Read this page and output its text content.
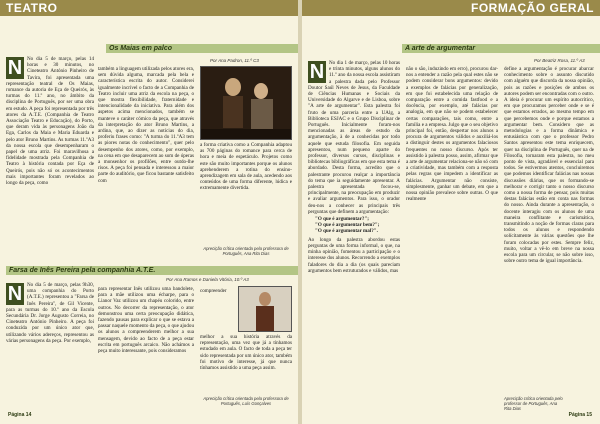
TEATRO
Os Maias em palco
Por Ana Padron, 11.º C3
N No dia 5 de março, pelas 14 horas e 30 minutos, no Cineteatro António Pinheiro de Tavira, foi apresentada uma representação teatral de Os Maias, romance da autoria de Eça de Queirós, às turmas do 11.º ano, no âmbito da disciplina de Português, por ser uma obra em estudo. A peça foi representada por três atores da A.T.E. (Companhia de Teatro Associação Teatro e Educação), do Porto, que deram vida às personagens João da Ega, Carlos da Maia e Maria Eduarda e pelo ator Bruno Martins. As turmas 11.ºA3 da nossa escola que desempenharam o papel de uma atriz. Foi maravilhosa a fidelidade mostrada pela Companhia de Teatro à história contada por Eça de Queirós, pois não só os acontecimentos mais importantes foram revelados ao longo da peça, como

também a linguagem utilizada pelos atores era, sem dúvida alguma, marcada pela bela e característica escrita do autor. Considerei igualmente incrível o facto de a Companhia de Teatro incluir uma atriz da escola na peça, o que mostra flexibilidade, fraternidade e intencionalidade da iniciativa. Para além dos aspetos acima mencionados, também se manteve o caráter cómico da peça, que através da interpretação do ator Bruno Martins, a ardina, que, ao dizer as notícias do dia, proferiu frases como: "A turma do 11.ºA3 tem as piores notas do conhecimento", quer pelo desempenho dos atores, como, por exemplo, na cena em que desaparecem ao som de óperas a monsenhor os profilões, entre outdo-lhe risos. A peça foi pensada e interessou a maior parte do auditório, que ficou bastante satisfeito com
a forma criativa como a Companhia adaptou as 700 páginas do romance para cerca de hora e meia de espetáculo. Projetos como este são muito importantes porque os alunos aprehenderem a rotina do ensino-aprendizagem em sala de aula, acedendo aos conteúdos de uma forma diferente, lúdica e extremamente divertida.
Aprecição crítica orientada pela professora de Português, Ana Rita Dias
Farsa de Inês Pereira pela companhia A.T.E.
Por Ana Ramos e Daniela Vitória, 10.º A3
N No dia 5 de março, pelas 9h30, uma companhia do Porto (A.T.E.) representou a "Farsa de Inês Pereira", de Gil Vicente, para as turmas do 10.º ano da Escola Secundária Dr. Jorge Augusto Correia, no Cineteatro António Pinheiro. A peça foi conduzida por um único ator que, utilizando vários adereços, representou as várias personagens da peça. Por exemplo,

para representar Inês utilizou uma bandolete, para a mãe utilizou uma écharpe, para o Lianor Vaz utilizou um chapéu colorido, entre outros. No decorrer da representação, o ator demonstrou uma certa preocupação didática, fazendo pausas para explicar o que se estava a passar naquele momento da peça, o que ajudou os alunos a compreenderem melhor a sua mensagem, devido ao facto de a peça estar escrita em português arcaico. Não achámos a peça muito interessante, pois consideramos
compreender
melhor a sua história através da representação, uma vez que já a tínhamos estudado em aula. O facto de toda a peça ter sido representada por um único ator, também foi motivo de interesse, já que nunca tínhamos assistido a uma peça assim.
Aprecição crítica orientada pela professora de Português, Luís Gonçalves
Página 14
FORMAÇÃO GERAL
A arte de argumentar
Por Beatriz Rosa, 11.º A3
N No dia 1 de março, pelas 10 horas e trinta minutos, alguns alunos do 11.º ano da nossa escola assistiram a palestra dada pelo Professor Doutor Saúl Neves de Jesus, da Faculdade de Ciências Humanas e Sociais da Universidade do Algarve e de Lisboa, sobre "A arte de argumentar". Esta palestra foi fruto de uma parceria entre a UAlg, a Biblioteca ESJAC e o Grupo Disciplinar de Português. Inicialmente foram-nos mencionadas as áreas de estudo da argumentação, à de a conhecidas por todo aquele que estuda filosofia. Em seguida apresentou, num pequeno aparte do professor, diversos cursos, disciplinas e bibliotecas bibliográficas em que esta tema é abordado. Desta forma, acredito que o palestrante procurou realçar a importância do tema que ia seguidamente apresentar. A palestra apresentada focou-se, principalmente, na preocupação em produzir e avaliar argumentos. Para isso, o orador deu-nos a conhecer as principais três perguntas que definem a argumentação:

• "O que é argumentar?";
• "O que é argumentar bem?";
• "O que é argumentar mal?".

Ao longo da palestra abordou estas perguntas de uma forma informal, o que, na minha opinião, fomentou a participação e o interesse dos alunos. Recorrendo a exemplos faladores do dia a dia (os quais pareciam argumentos bem estruturados e válidos, mas

não o são, induzindo em erro), procurou dar-nos a entender a razão pela qual estes não se podem considerar bons argumentos: devido a exemplos de falácias por generalização, em que foi estabelecida uma relação de comparação entre a comida fastfood e a docência, por exemplo, até falácias por analogia, em que não se podem estabelecer certas comparações, tais como, entre a família e a empresa. Julgo que o seu objetivo principal foi, então, despertar nos alunos a procura de argumentos válidos e auxiliá-los a distinguir destes os argumentos falaciosos frequentes no nosso discurso. Após ter assistido à palestra posso, assim, afirmar que a arte de argumentar relaciona-se não só com a criatividade, mas também com a resposta pelas regras que impedem a identificar as falácias. Argumentar não consiste, simplesmente, ganhar um debate, em que a nossa opinião prevalece sobre outras. O que realmente
define a argumentação é procurar abarcar conhecimento sobre o assunto discutido com alguém que discorda da nossa opinião, pois as razões e posições de ambos os autores podem ser encontradas com o outro. A ideia é procurar um espírito autocrítico, em que procuramos perceber onde e se é que estamos errados, ao mesmo tempo em que percebemos onde e porque estamos a argumentar bem. Considero que as metodologias e a forma dinâmica e entusiástica com que o professor Pedro Santos apresentou este tema enriquecem, quer na disciplina de Português, quer na de Filosofia, tornaram esta palestra, no meu ponto de vista, agradável e essencial para todos. Se estivermos atentos, concluiremos que podemos identificar falácias nas nossas discussões diárias, que os formando-se melhorar e corrigir tanto o nosso discurso como a nossa forma de pensar, pois muitas destas falácias estão em conta nas formas do nosso. Ainda durante a apresentação, o docente interagiu com os alunos de uma maneira conflitante e carismática, transmitindo a noção de formas claras para todos os alunos e respondendo solícitamente às várias questões que lhe foram colocadas por estes. Sempre feliz, muito, voltar a vê-lo em breve na nossa escola para um circular, se não sobre isso, sobre outro tema de igual importância.
Aprecição crítica orientada pelo professor de Português, Ana Rita Dias
Página 15
